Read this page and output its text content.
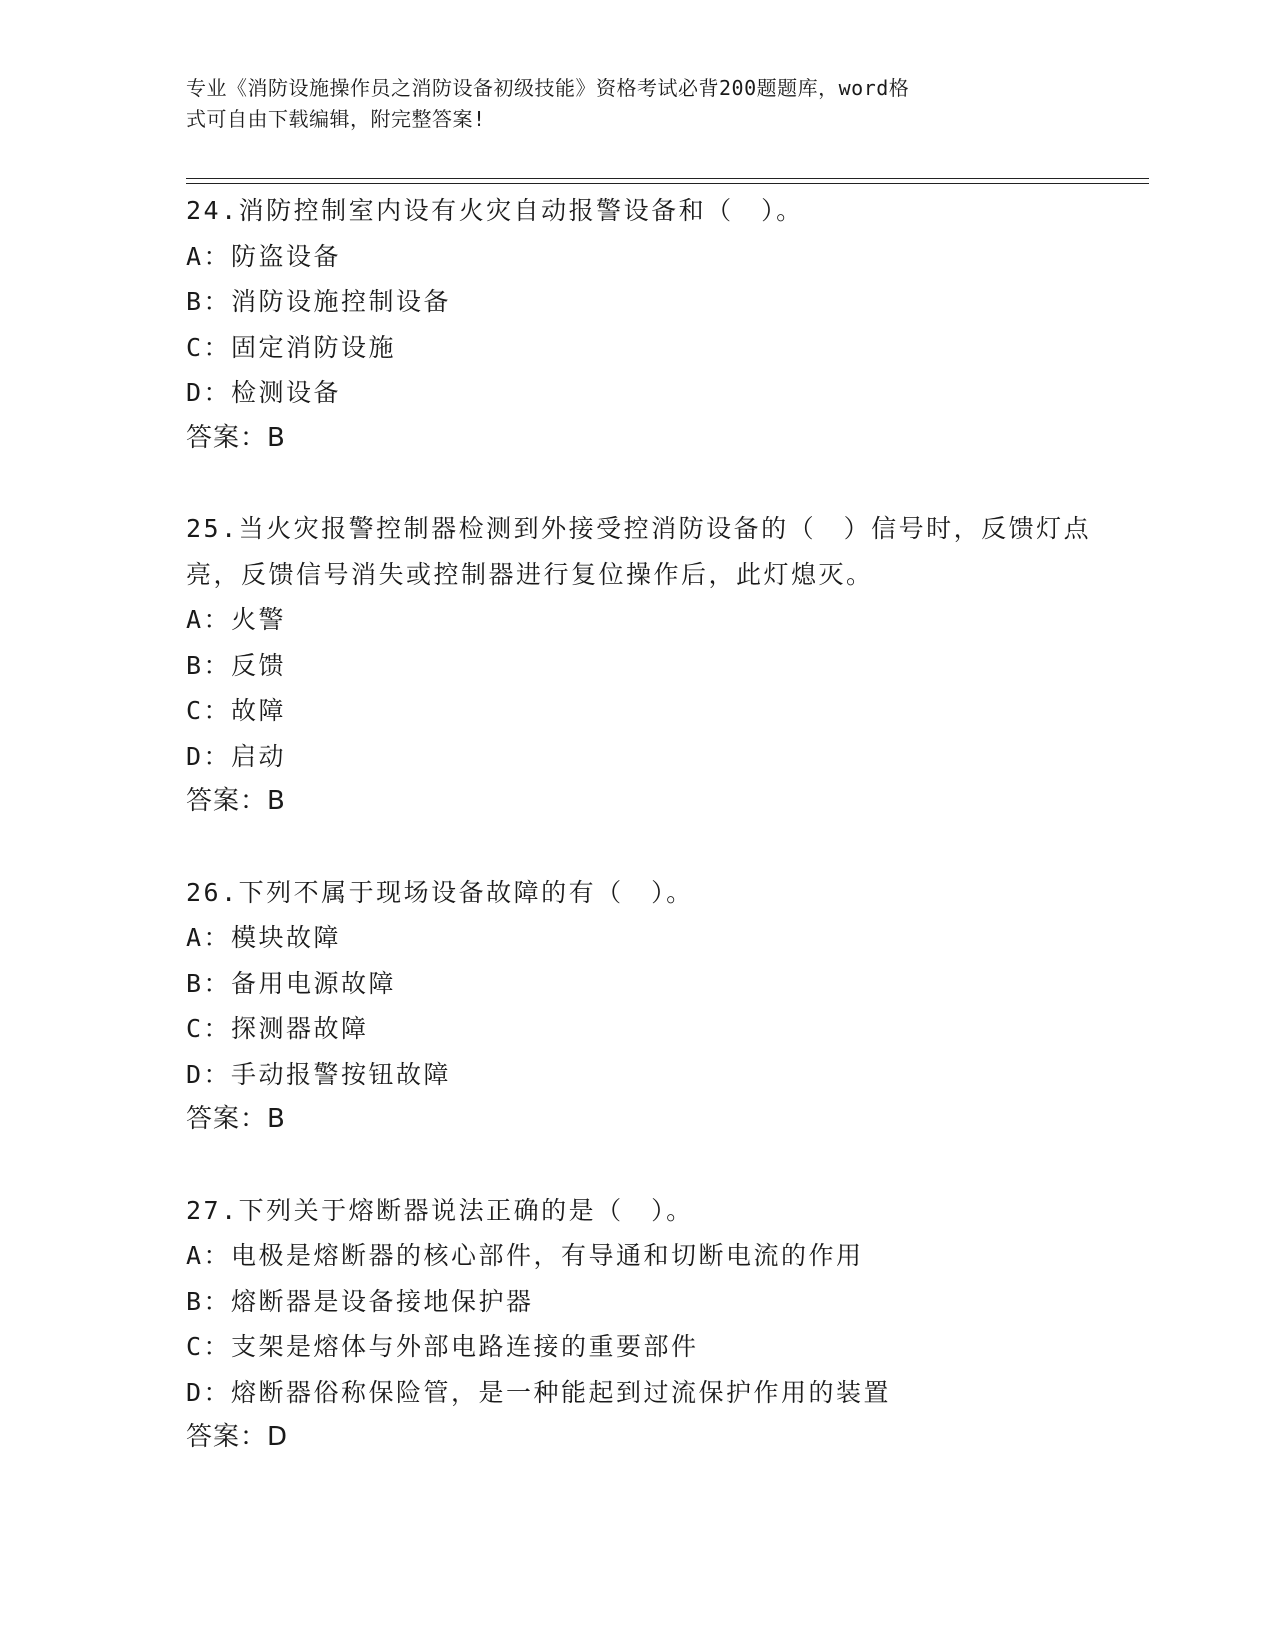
专业《消防设施操作员之消防设备初级技能》资格考试必背200题题库，word格
式可自由下载编辑，附完整答案!
24.消防控制室内设有火灾自动报警设备和（　）。
A：防盗设备
B：消防设施控制设备
C：固定消防设施
D：检测设备
答案：B
25.当火灾报警控制器检测到外接受控消防设备的（　）信号时，反馈灯点亮，反馈信号消失或控制器进行复位操作后，此灯熄灭。
A：火警
B：反馈
C：故障
D：启动
答案：B
26.下列不属于现场设备故障的有（　）。
A：模块故障
B：备用电源故障
C：探测器故障
D：手动报警按钮故障
答案：B
27.下列关于熔断器说法正确的是（　）。
A：电极是熔断器的核心部件，有导通和切断电流的作用
B：熔断器是设备接地保护器
C：支架是熔体与外部电路连接的重要部件
D：熔断器俗称保险管，是一种能起到过流保护作用的装置
答案：D
